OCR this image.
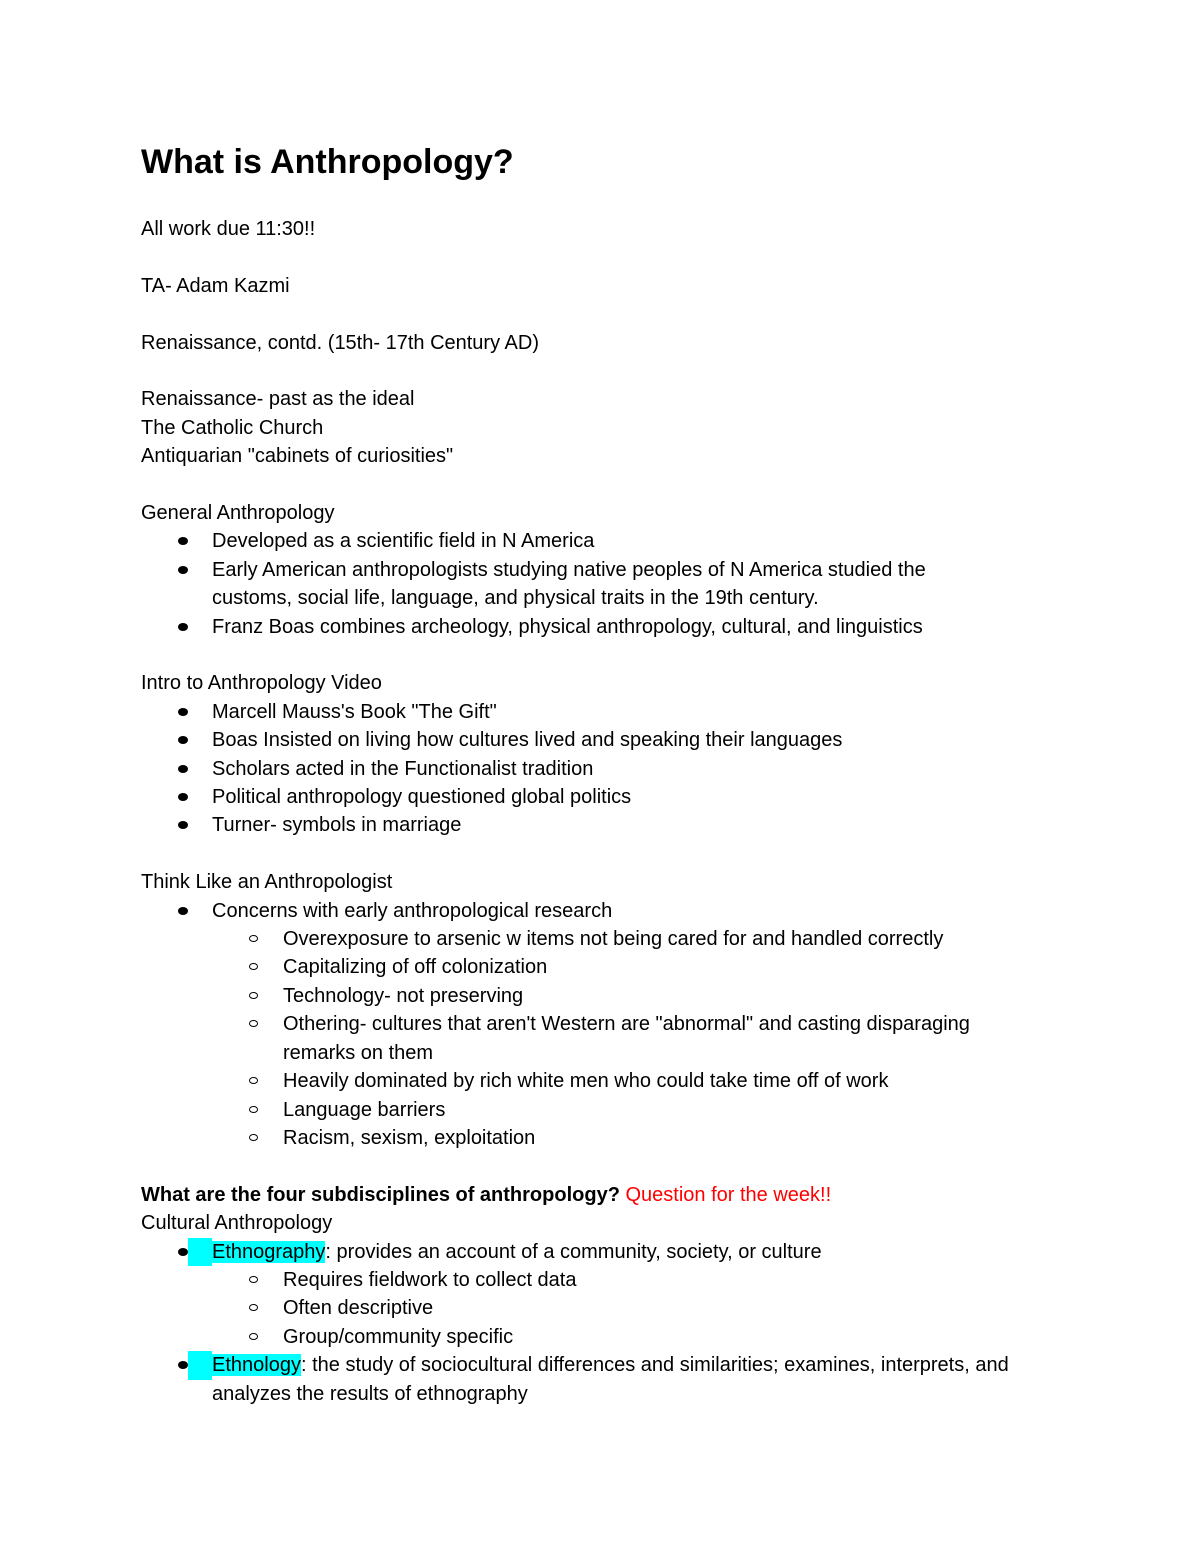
What is Anthropology?

All work due 11:30!!

TA- Adam Kazmi

Renaissance, contd. (15th- 17th Century AD)

Renaissance- past as the ideal

The Catholic Church

Antiquarian "cabinets of curiosities"

General Anthropology

Developed as a scientific field in N America
Early American anthropologists studying native peoples of N America studied the customs, social life, language, and physical traits in the 19th century.
Franz Boas combines archeology, physical anthropology, cultural, and linguistics

Intro to Anthropology Video

Marcell Mauss's Book "The Gift"
Boas Insisted on living how cultures lived and speaking their languages
Scholars acted in the Functionalist tradition
Political anthropology questioned global politics
Turner- symbols in marriage

Think Like an Anthropologist

Concerns with early anthropological research
Overexposure to arsenic w items not being cared for and handled correctly
Capitalizing of off colonization
Technology- not preserving
Othering- cultures that aren't Western are "abnormal" and casting disparaging remarks on them
Heavily dominated by rich white men who could take time off of work
Language barriers
Racism, sexism, exploitation

What are the four subdisciplines of anthropology? Question for the week!!

Cultural Anthropology

Ethnography: provides an account of a community, society, or culture
Requires fieldwork to collect data
Often descriptive
Group/community specific
Ethnology: the study of sociocultural differences and similarities; examines, interprets, and analyzes the results of ethnography
